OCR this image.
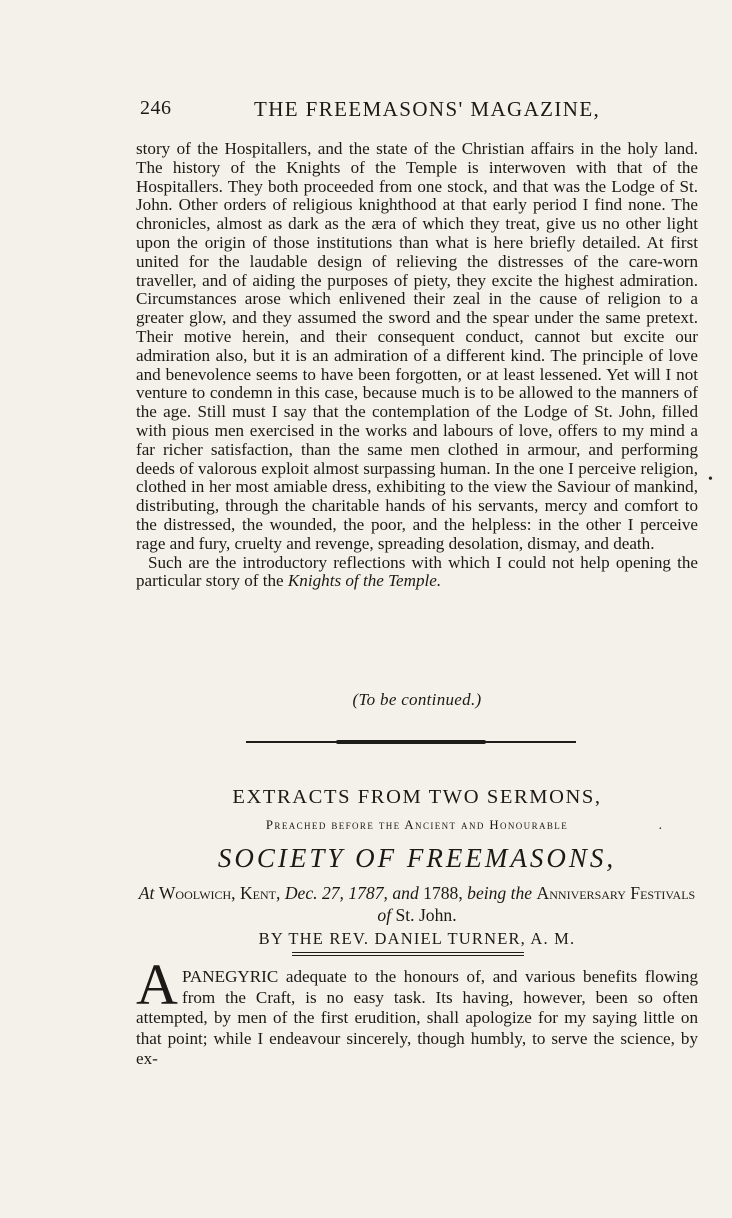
246	THE FREEMASONS' MAGAZINE,

story of the Hospitallers, and the state of the Christian affairs in the holy land. The history of the Knights of the Temple is interwoven with that of the Hospitallers. They both proceeded from one stock, and that was the Lodge of St. John. Other orders of religious knighthood at that early period I find none. The chronicles, almost as dark as the æra of which they treat, give us no other light upon the origin of those institutions than what is here briefly detailed. At first united for the laudable design of relieving the distresses of the care-worn traveller, and of aiding the purposes of piety, they excite the highest admiration. Circumstances arose which enlivened their zeal in the cause of religion to a greater glow, and they assumed the sword and the spear under the same pretext. Their motive herein, and their consequent conduct, cannot but excite our admiration also, but it is an admiration of a different kind. The principle of love and benevolence seems to have been forgotten, or at least lessened. Yet will I not venture to condemn in this case, because much is to be allowed to the manners of the age. Still must I say that the contemplation of the Lodge of St. John, filled with pious men exercised in the works and labours of love, offers to my mind a far richer satisfaction, than the same men clothed in armour, and performing deeds of valorous exploit almost surpassing human. In the one I perceive religion, clothed in her most amiable dress, exhibiting to the view the Saviour of mankind, distributing, through the charitable hands of his servants, mercy and comfort to the distressed, the wounded, the poor, and the helpless: in the other I perceive rage and fury, cruelty and revenge, spreading desolation, dismay, and death.

Such are the introductory reflections with which I could not help opening the particular story of the Knights of the Temple.

(To be continued.)
EXTRACTS FROM TWO SERMONS,
Preached before the Ancient and Honourable
SOCIETY OF FREEMASONS,
At Woolwich, Kent, Dec. 27, 1787, and 1788, being the Anniversary Festivals of St. John.
BY THE REV. DANIEL TURNER, A. M.
A PANEGYRIC adequate to the honours of, and various benefits flowing from the Craft, is no easy task. Its having, however, been so often attempted, by men of the first erudition, shall apologize for my saying little on that point; while I endeavour sincerely, though humbly, to serve the science, by ex-
•
·
